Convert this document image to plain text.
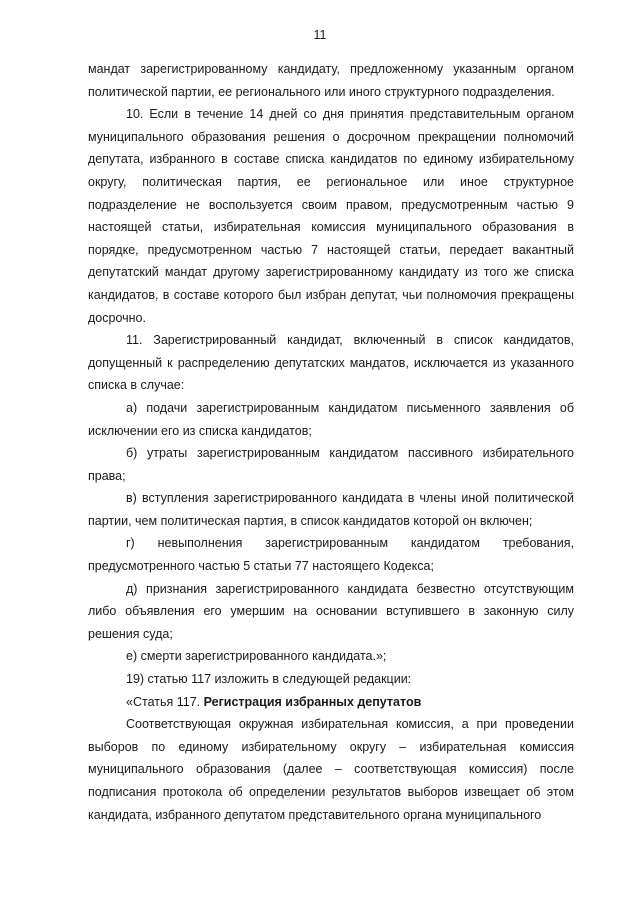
11

мандат зарегистрированному кандидату, предложенному указанным органом политической партии, ее регионального или иного структурного подразделения.

10. Если в течение 14 дней со дня принятия представительным органом муниципального образования решения о досрочном прекращении полномочий депутата, избранного в составе списка кандидатов по единому избирательному округу, политическая партия, ее региональное или иное структурное подразделение не воспользуется своим правом, предусмотренным частью 9 настоящей статьи, избирательная комиссия муниципального образования в порядке, предусмотренном частью 7 настоящей статьи, передает вакантный депутатский мандат другому зарегистрированному кандидату из того же списка кандидатов, в составе которого был избран депутат, чьи полномочия прекращены досрочно.

11. Зарегистрированный кандидат, включенный в список кандидатов, допущенный к распределению депутатских мандатов, исключается из указанного списка в случае:

а) подачи зарегистрированным кандидатом письменного заявления об исключении его из списка кандидатов;

б) утраты зарегистрированным кандидатом пассивного избирательного права;

в) вступления зарегистрированного кандидата в члены иной политической партии, чем политическая партия, в список кандидатов которой он включен;

г) невыполнения зарегистрированным кандидатом требования, предусмотренного частью 5 статьи 77 настоящего Кодекса;

д) признания зарегистрированного кандидата безвестно отсутствующим либо объявления его умершим на основании вступившего в законную силу решения суда;

е) смерти зарегистрированного кандидата.»;

19) статью 117 изложить в следующей редакции:

«Статья 117. Регистрация избранных депутатов

Соответствующая окружная избирательная комиссия, а при проведении выборов по единому избирательному округу – избирательная комиссия муниципального образования (далее – соответствующая комиссия) после подписания протокола об определении результатов выборов извещает об этом кандидата, избранного депутатом представительного органа муниципального
